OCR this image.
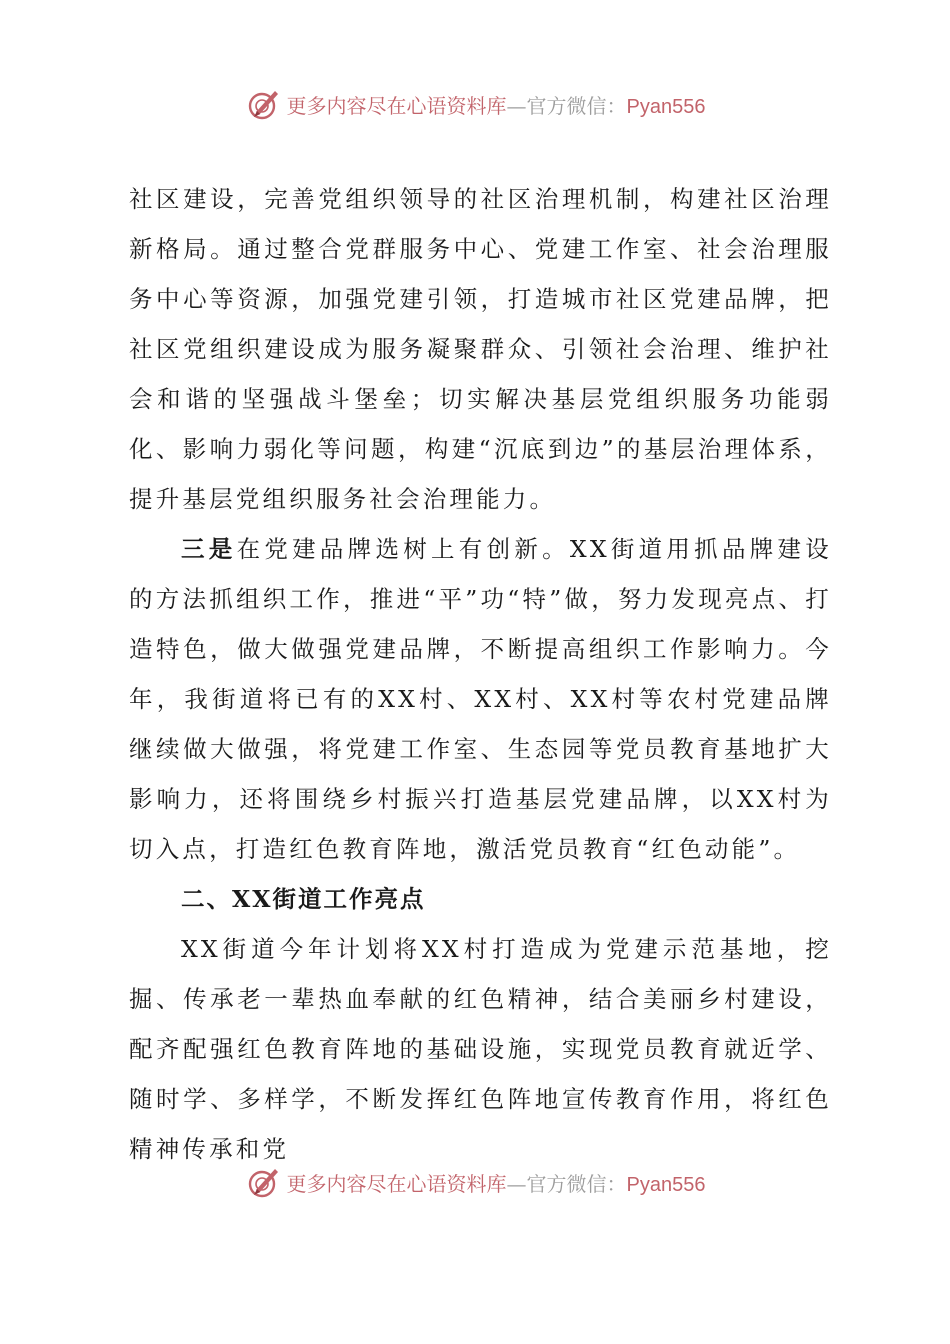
更多内容尽在心语资料库—官方微信：Pyan556

社区建设，完善党组织领导的社区治理机制，构建社区治理新格局。通过整合党群服务中心、党建工作室、社会治理服务中心等资源，加强党建引领，打造城市社区党建品牌，把社区党组织建设成为服务凝聚群众、引领社会治理、维护社会和谐的坚强战斗堡垒；切实解决基层党组织服务功能弱化、影响力弱化等问题，构建“沉底到边”的基层治理体系，提升基层党组织服务社会治理能力。

三是在党建品牌选树上有创新。XX街道用抓品牌建设的方法抓组织工作，推进“平”功“特”做，努力发现亮点、打造特色，做大做强党建品牌，不断提高组织工作影响力。今年，我街道将已有的XX村、XX村、XX村等农村党建品牌继续做大做强，将党建工作室、生态园等党员教育基地扩大影响力，还将围绕乡村振兴打造基层党建品牌，以XX村为切入点，打造红色教育阵地，激活党员教育“红色动能”。

二、XX街道工作亮点

XX街道今年计划将XX村打造成为党建示范基地，挖掘、传承老一辈热血奉献的红色精神，结合美丽乡村建设，配齐配强红色教育阵地的基础设施，实现党员教育就近学、随时学、多样学，不断发挥红色阵地宣传教育作用，将红色精神传承和党

更多内容尽在心语资料库—官方微信：Pyan556
